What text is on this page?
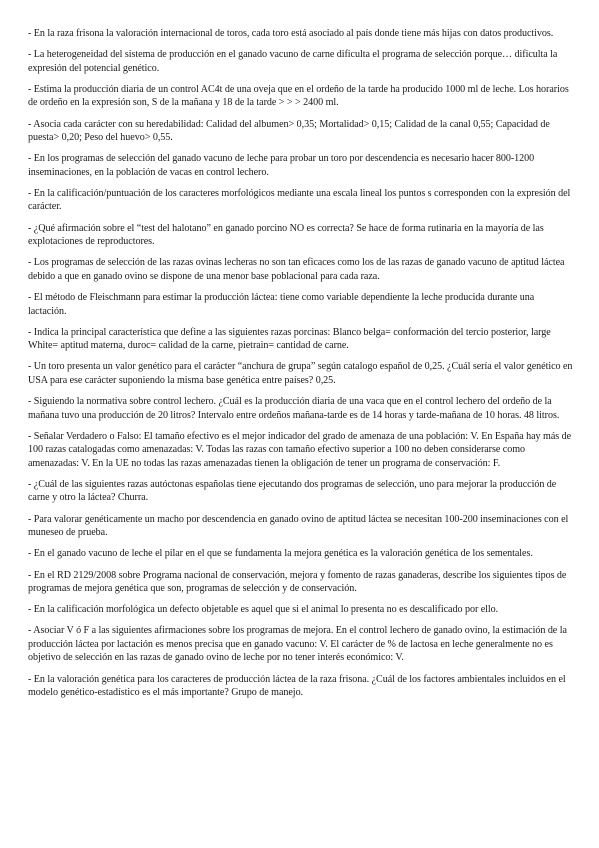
- En la raza frisona la valoración internacional de toros, cada toro está asociado al país donde tiene más hijas con datos productivos.

- La heterogeneidad del sistema de producción en el ganado vacuno de carne dificulta el programa de selección porque… dificulta la expresión del potencial genético.

- Estima la producción diaria de un control AC4t de una oveja que en el ordeño de la tarde ha producido 1000 ml de leche. Los horarios de ordeño en la expresión son, S de la mañana y 18 de la tarde > > > 2400 ml.

- Asocia cada carácter con su heredabilidad: Calidad del albumen> 0,35; Mortalidad> 0,15; Calidad de la canal 0,55; Capacidad de puesta> 0,20; Peso del huevo> 0,55.

- En los programas de selección del ganado vacuno de leche para probar un toro por descendencia es necesario hacer 800-1200 inseminaciones, en la población de vacas en control lechero.

- En la calificación/puntuación de los caracteres morfológicos mediante una escala lineal los puntos s corresponden con la expresión del carácter.

- ¿Qué afirmación sobre el “test del halotano” en ganado porcino NO es correcta? Se hace de forma rutinaria en la mayoría de las explotaciones de reproductores.

- Los programas de selección de las razas ovinas lecheras no son tan eficaces como los de las razas de ganado vacuno de aptitud láctea debido a que en ganado ovino se dispone de una menor base poblacional para cada raza.

- El método de Fleischmann para estimar la producción láctea: tiene como variable dependiente la leche producida durante una lactación.

- Indica la principal característica que define a las siguientes razas porcinas: Blanco belga= conformación del tercio posterior, large White= aptitud materna, duroc= calidad de la carne, pietrain= cantidad de carne.

- Un toro presenta un valor genético para el carácter “anchura de grupa” según catalogo español de 0,25. ¿Cuál sería el valor genético en USA para ese carácter suponiendo la misma base genética entre países? 0,25.

- Siguiendo la normativa sobre control lechero. ¿Cuál es la producción diaria de una vaca que en el control lechero del ordeño de la mañana tuvo una producción de 20 litros? Intervalo entre ordeños mañana-tarde es de 14 horas y tarde-mañana de 10 horas. 48 litros.

- Señalar Verdadero o Falso: El tamaño efectivo es el mejor indicador del grado de amenaza de una población: V. En España hay más de 100 razas catalogadas como amenazadas: V. Todas las razas con tamaño efectivo superior a 100 no deben considerarse como amenazadas: V. En la UE no todas las razas amenazadas tienen la obligación de tener un programa de conservación: F.

- ¿Cuál de las siguientes razas autóctonas españolas tiene ejecutando dos programas de selección, uno para mejorar la producción de carne y otro la láctea? Churra.

- Para valorar genéticamente un macho por descendencia en ganado ovino de aptitud láctea se necesitan 100-200 inseminaciones con el muneseo de prueba.

- En el ganado vacuno de leche el pilar en el que se fundamenta la mejora genética es la valoración genética de los sementales.

- En el RD 2129/2008 sobre Programa nacional de conservación, mejora y fomento de razas ganaderas, describe los siguientes tipos de programas de mejora genética que son, programas de selección y de conservación.

- En la calificación morfológica un defecto objetable es aquel que si el animal lo presenta no es descalificado por ello.

- Asociar V ó F a las siguientes afirmaciones sobre los programas de mejora. En el control lechero de ganado ovino, la estimación de la producción láctea por lactación es menos precisa que en ganado vacuno: V. El carácter de % de lactosa en leche generalmente no es objetivo de selección en las razas de ganado ovino de leche por no tener interés económico: V.

- En la valoración genética para los caracteres de producción láctea de la raza frisona. ¿Cuál de los factores ambientales incluidos en el modelo genético-estadístico es el más importante? Grupo de manejo.
